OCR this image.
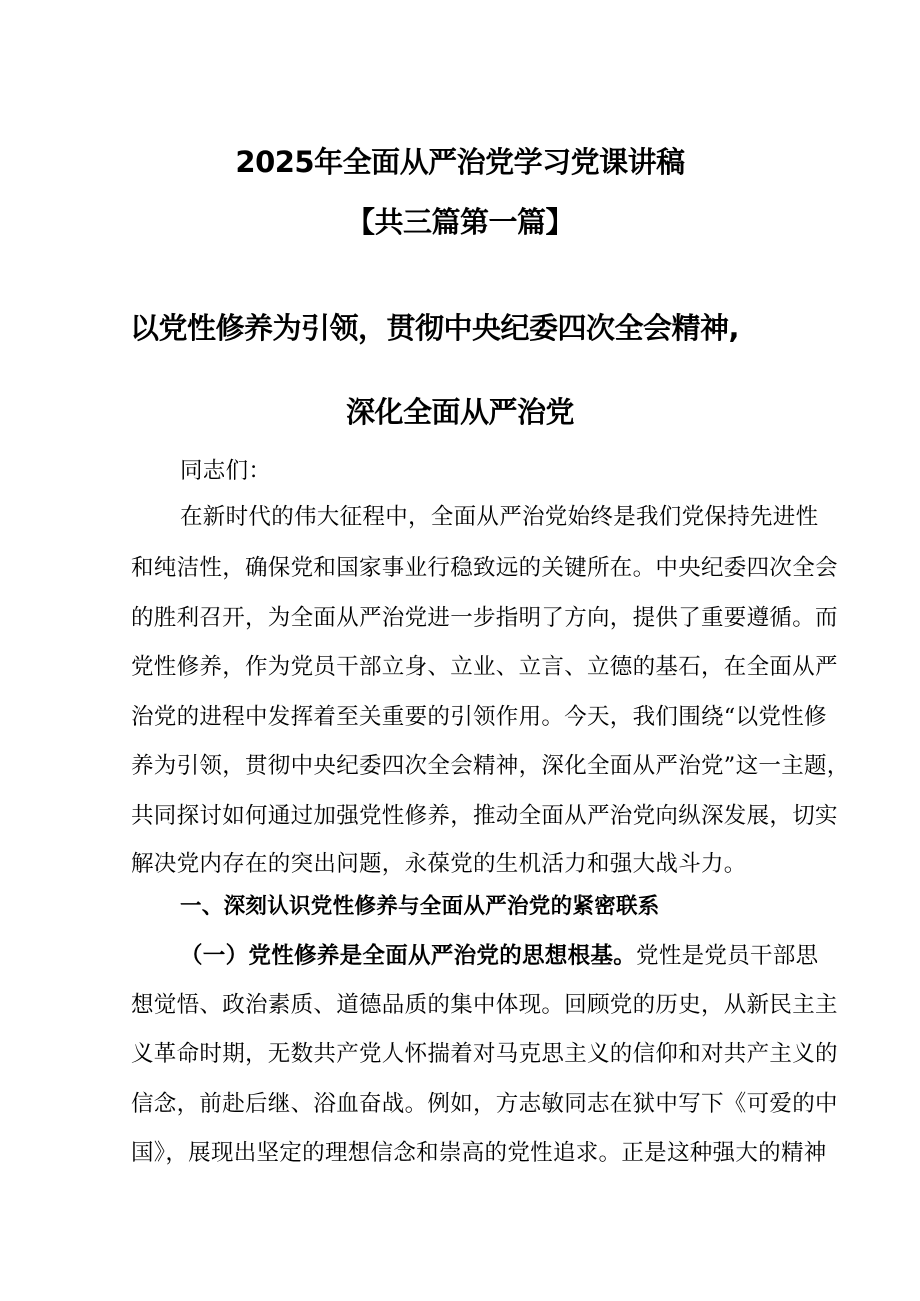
2025年全面从严治党学习党课讲稿
【共三篇第一篇】
以党性修养为引领，贯彻中央纪委四次全会精神,
深化全面从严治党
同志们：
在新时代的伟大征程中，全面从严治党始终是我们党保持先进性
和纯洁性，确保党和国家事业行稳致远的关键所在。中央纪委四次全会
的胜利召开，为全面从严治党进一步指明了方向，提供了重要遵循。而
党性修养，作为党员干部立身、立业、立言、立德的基石，在全面从严
治党的进程中发挥着至关重要的引领作用。今天，我们围绕“以党性修
养为引领，贯彻中央纪委四次全会精神，深化全面从严治党”这一主题，
共同探讨如何通过加强党性修养，推动全面从严治党向纵深发展，切实
解决党内存在的突出问题，永葆党的生机活力和强大战斗力。
一、深刻认识党性修养与全面从严治党的紧密联系
（一）党性修养是全面从严治党的思想根基。党性是党员干部思
想觉悟、政治素质、道德品质的集中体现。回顾党的历史，从新民主主
义革命时期，无数共产党人怀揣着对马克思主义的信仰和对共产主义的
信念，前赴后继、浴血奋战。例如，方志敏同志在狱中写下《可爱的中
国》，展现出坚定的理想信念和崇高的党性追求。正是这种强大的精神
